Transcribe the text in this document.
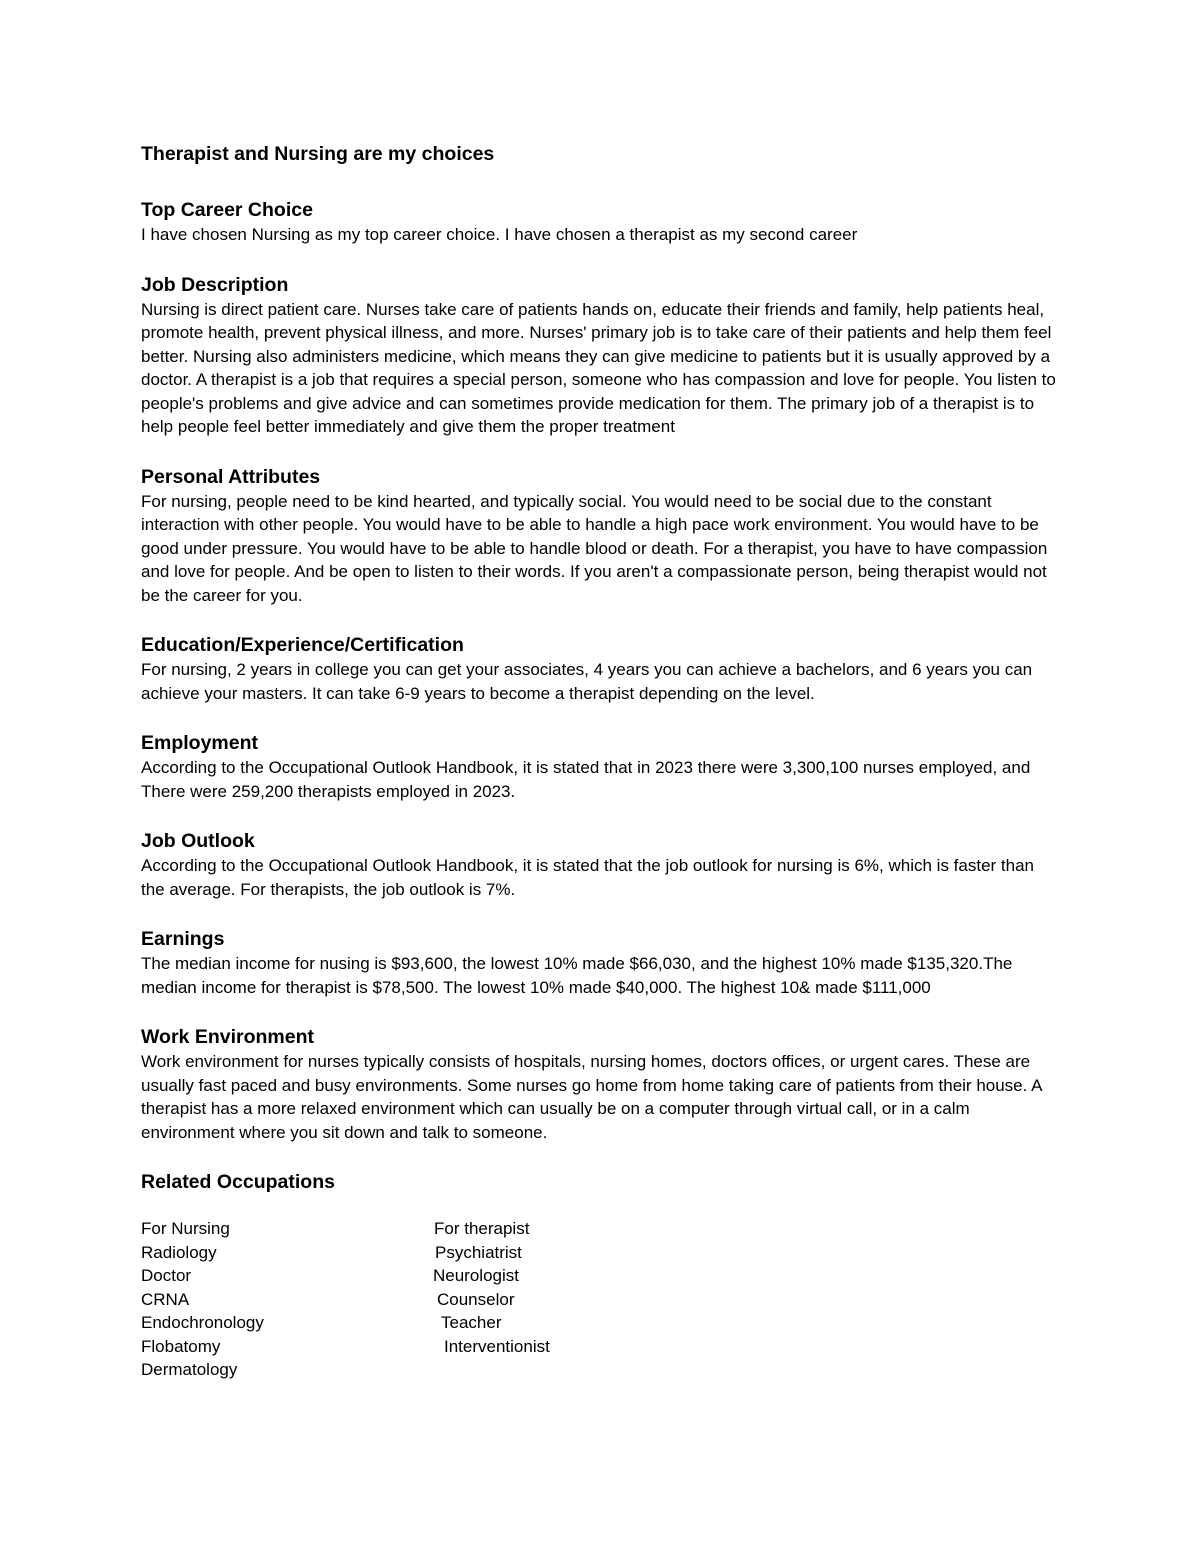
Therapist and Nursing are my choices
Top Career Choice
I have chosen Nursing as my top career choice. I have chosen a therapist as my second career
Job Description
Nursing is direct patient care. Nurses take care of patients hands on, educate their friends and family, help patients heal, promote health, prevent physical illness, and more. Nurses' primary job is to take care of their patients and help them feel better. Nursing also administers medicine, which means they can give medicine to patients but it is usually approved by a doctor. A therapist is a job that requires a special person, someone who has compassion and love for people. You listen to people's problems and give advice and can sometimes provide medication for them. The primary job of a therapist is to help people feel better immediately and give them the proper treatment
Personal Attributes
For nursing, people need to be kind hearted, and typically social. You would need to be social due to the constant interaction with other people. You would have to be able to handle a high pace work environment. You would have to be good under pressure. You would have to be able to handle blood or death. For a therapist, you have to have compassion and love for people. And be open to listen to their words. If you aren't a compassionate person, being therapist would not be the career for you.
Education/Experience/Certification
For nursing, 2 years in college you can get your associates, 4 years you can achieve a bachelors, and 6 years you can achieve your masters. It can take 6-9 years to become a therapist depending on the level.
Employment
According to the Occupational Outlook Handbook, it is stated that in 2023 there were 3,300,100 nurses employed, and There were 259,200 therapists employed in 2023.
Job Outlook
According to the Occupational Outlook Handbook, it is stated that the job outlook for nursing is 6%, which is faster than the average. For therapists, the job outlook is 7%.
Earnings
The median income for nusing is $93,600, the lowest 10% made $66,030, and the highest 10% made $135,320.The median income for therapist is $78,500. The lowest 10% made $40,000. The highest 10& made $111,000
Work Environment
Work environment for nurses typically consists of hospitals, nursing homes, doctors offices, or urgent cares. These are usually fast paced and busy environments. Some nurses go home from home taking care of patients from their house. A therapist has a more relaxed environment which can usually be on a computer through virtual call, or in a calm environment where you sit down and talk to someone.
Related Occupations
For Nursing
Radiology
Doctor
CRNA
Endochronology
Flobatomy
Dermatology
For therapist
Psychiatrist
Neurologist
Counselor
Teacher
Interventionist
